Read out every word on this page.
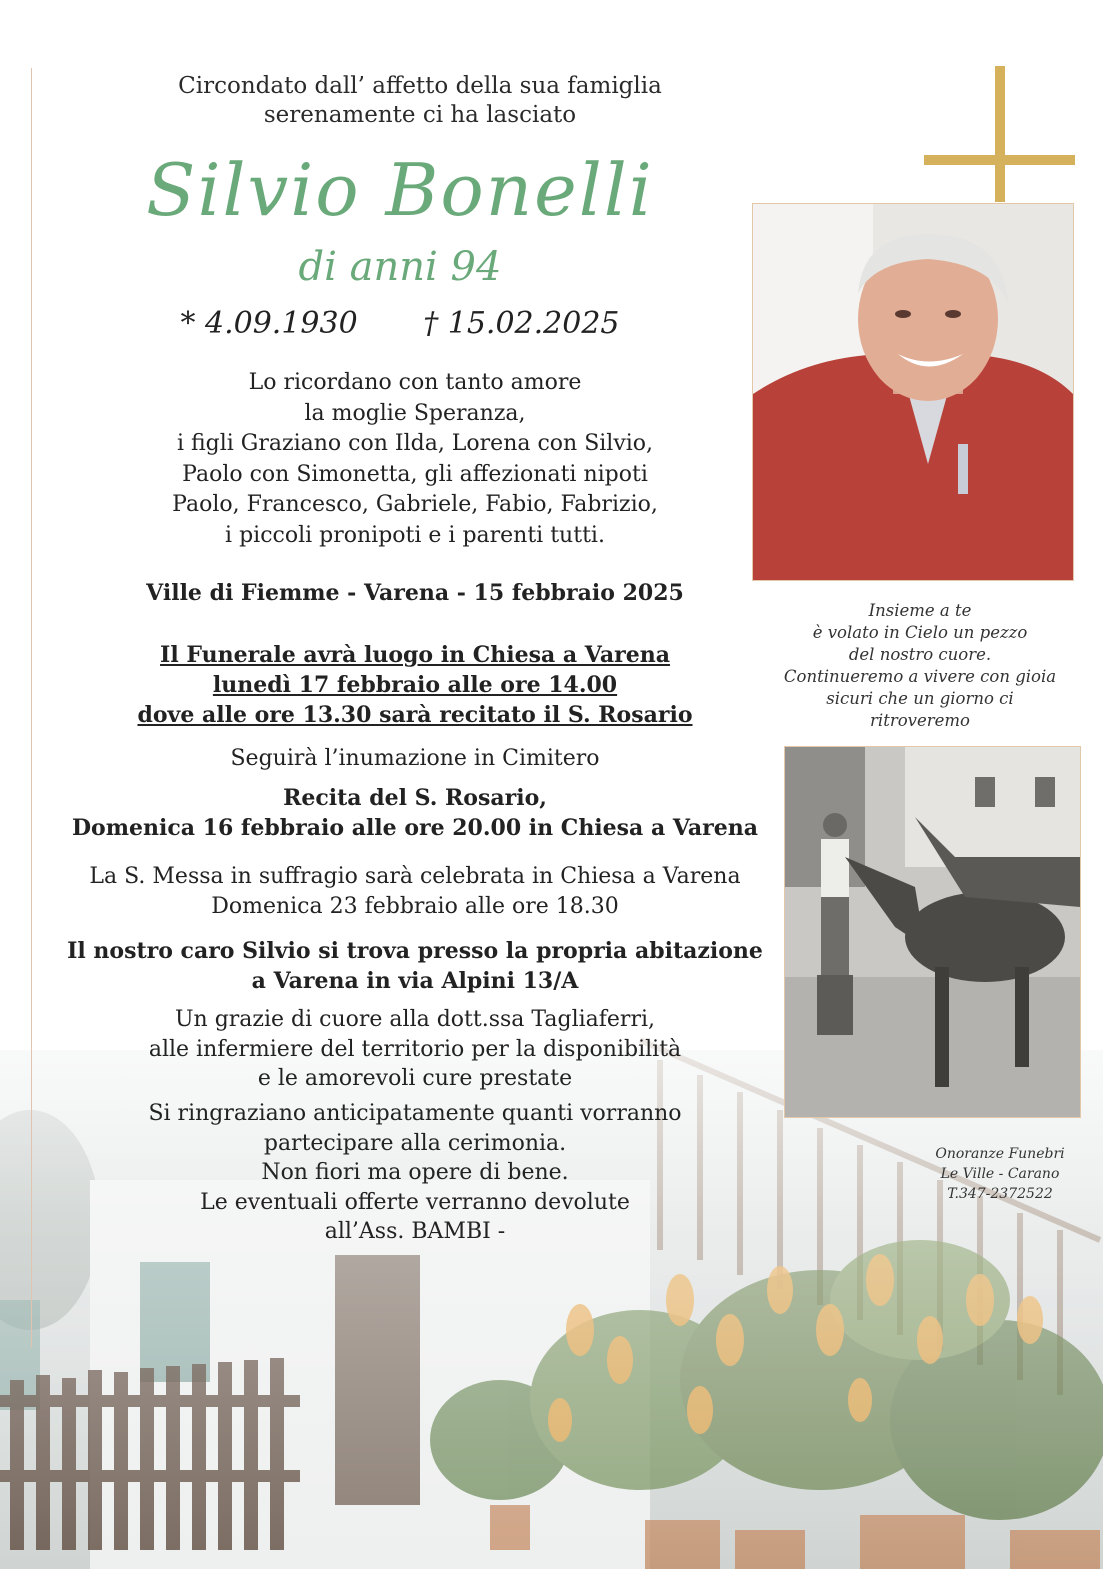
Circondato dall’ affetto della sua famiglia
serenamente ci ha lasciato
Silvio Bonelli
di anni 94
* 4.09.1930 † 15.02.2025
Lo ricordano con tanto amore
la moglie Speranza,
i figli Graziano con Ilda, Lorena con Silvio,
Paolo con Simonetta, gli affezionati nipoti
Paolo, Francesco, Gabriele, Fabio, Fabrizio,
i piccoli pronipoti e i parenti tutti.
Ville di Fiemme - Varena - 15 febbraio 2025
Il Funerale avrà luogo in Chiesa a Varena
lunedì 17 febbraio alle ore 14.00
dove alle ore 13.30 sarà recitato il S. Rosario
Seguirà l’inumazione in Cimitero
Recita del S. Rosario,
Domenica 16 febbraio alle ore 20.00 in Chiesa a Varena
La S. Messa in suffragio sarà celebrata in Chiesa a Varena
Domenica 23 febbraio alle ore 18.30
Il nostro caro Silvio si trova presso la propria abitazione
a Varena in via Alpini 13/A
Un grazie di cuore alla dott.ssa Tagliaferri,
alle infermiere del territorio per la disponibilità
e le amorevoli cure prestate
Si ringraziano anticipatamente quanti vorranno
partecipare alla cerimonia.
Non fiori ma opere di bene.
Le eventuali offerte verranno devolute
all’Ass. BAMBI -
Insieme a te
è volato in Cielo un pezzo
del nostro cuore.
Continueremo a vivere con gioia
sicuri che un giorno ci
ritroveremo
Onoranze Funebri
Le Ville - Carano
T.347-2372522
